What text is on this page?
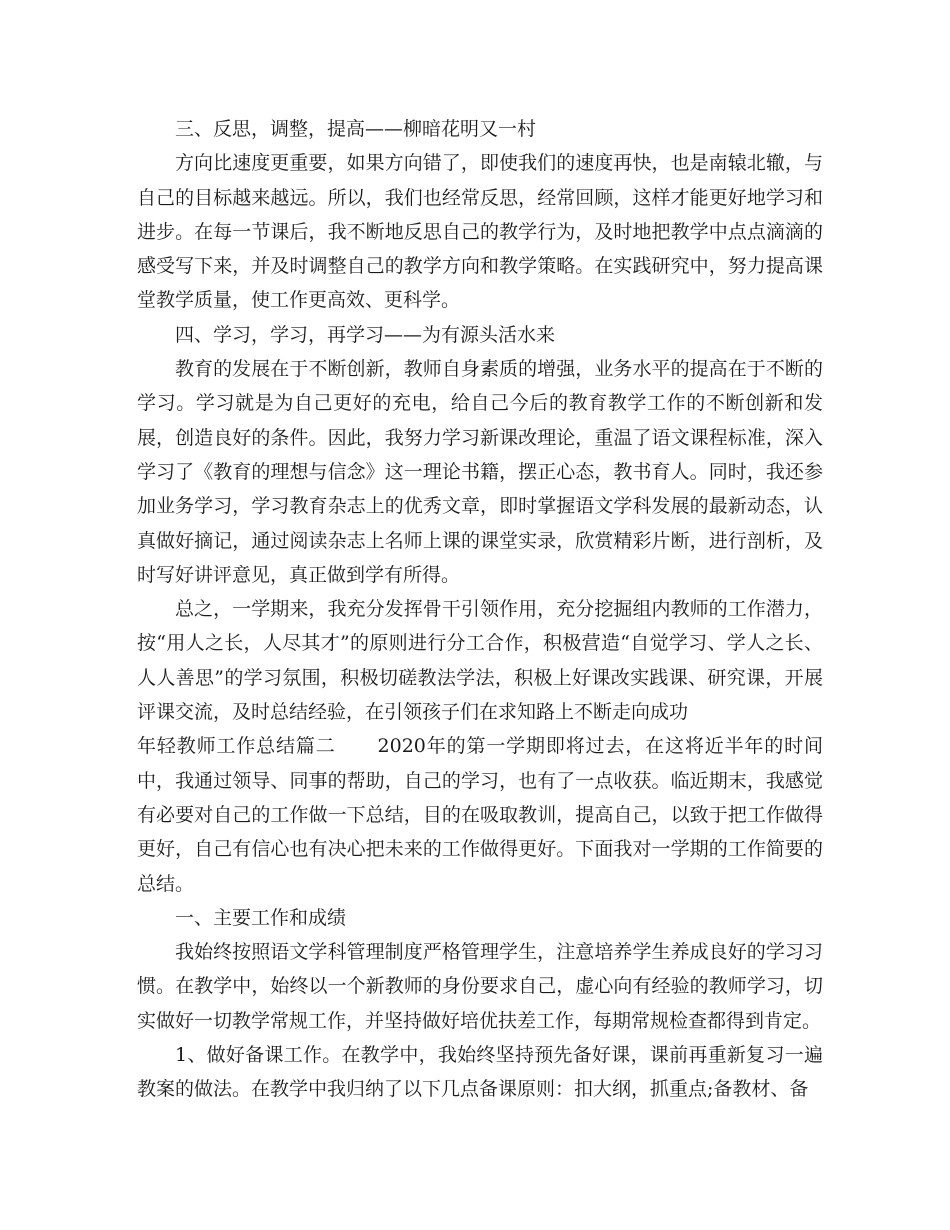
三、反思，调整，提高——柳暗花明又一村

方向比速度更重要，如果方向错了，即使我们的速度再快，也是南辕北辙，与自己的目标越来越远。所以，我们也经常反思，经常回顾，这样才能更好地学习和进步。在每一节课后，我不断地反思自己的教学行为，及时地把教学中点点滴滴的感受写下来，并及时调整自己的教学方向和教学策略。在实践研究中，努力提高课堂教学质量，使工作更高效、更科学。

四、学习，学习，再学习——为有源头活水来

教育的发展在于不断创新，教师自身素质的增强，业务水平的提高在于不断的学习。学习就是为自己更好的充电，给自己今后的教育教学工作的不断创新和发展，创造良好的条件。因此，我努力学习新课改理论，重温了语文课程标准，深入学习了《教育的理想与信念》这一理论书籍，摆正心态，教书育人。同时，我还参加业务学习，学习教育杂志上的优秀文章，即时掌握语文学科发展的最新动态，认真做好摘记，通过阅读杂志上名师上课的课堂实录，欣赏精彩片断，进行剖析，及时写好讲评意见，真正做到学有所得。

总之，一学期来，我充分发挥骨干引领作用，充分挖掘组内教师的工作潜力，按“用人之长，人尽其才”的原则进行分工合作，积极营造“自觉学习、学人之长、人人善思”的学习氛围，积极切磋教法学法，积极上好课改实践课、研究课，开展评课交流，及时总结经验，在引领孩子们在求知路上不断走向成功

年轻教师工作总结篇二 2020年的第一学期即将过去，在这将近半年的时间中，我通过领导、同事的帮助，自己的学习，也有了一点收获。临近期末，我感觉有必要对自己的工作做一下总结，目的在吸取教训，提高自己，以致于把工作做得更好，自己有信心也有决心把未来的工作做得更好。下面我对一学期的工作简要的总结。

一、主要工作和成绩

我始终按照语文学科管理制度严格管理学生，注意培养学生养成良好的学习习惯。在教学中，始终以一个新教师的身份要求自己，虚心向有经验的教师学习，切实做好一切教学常规工作，并坚持做好培优扶差工作，每期常规检查都得到肯定。

1、做好备课工作。在教学中，我始终坚持预先备好课，课前再重新复习一遍教案的做法。在教学中我归纳了以下几点备课原则：扣大纲，抓重点;备教材、备
